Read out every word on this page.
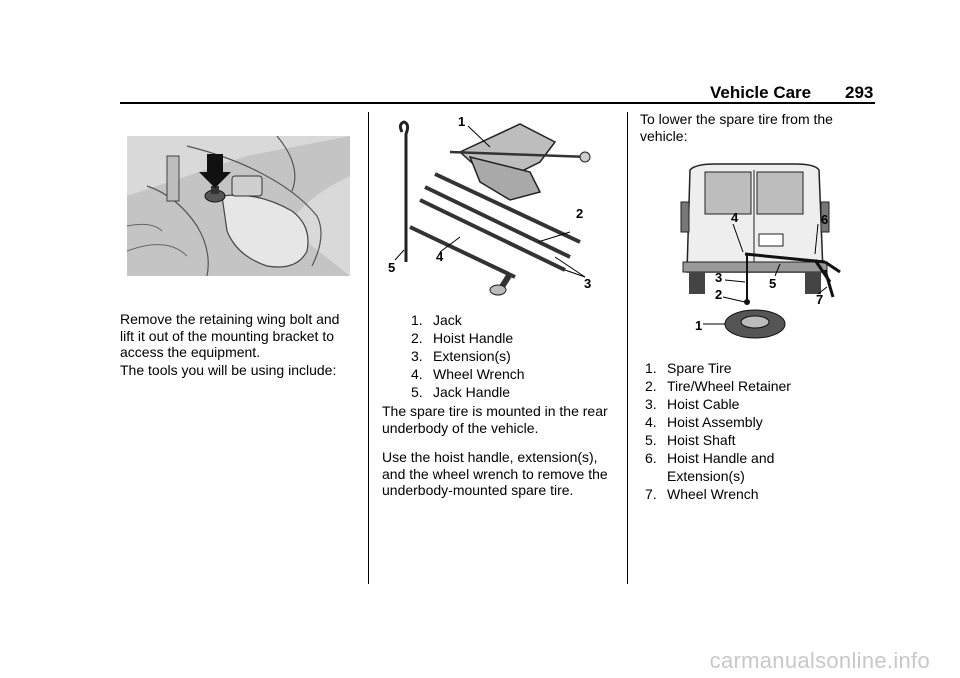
Vehicle Care 293
Remove the retaining wing bolt and lift it out of the mounting bracket to access the equipment.
The tools you will be using include:
1
2
3
4
5
1. Jack
2. Hoist Handle
3. Extension(s)
4. Wheel Wrench
5. Jack Handle
The spare tire is mounted in the rear underbody of the vehicle.
Use the hoist handle, extension(s), and the wheel wrench to remove the underbody-mounted spare tire.
To lower the spare tire from the vehicle:
1
2
3
4
5
6
7
1. Spare Tire
2. Tire/Wheel Retainer
3. Hoist Cable
4. Hoist Assembly
5. Hoist Shaft
6. Hoist Handle and Extension(s)
7. Wheel Wrench
carmanualsonline.info
